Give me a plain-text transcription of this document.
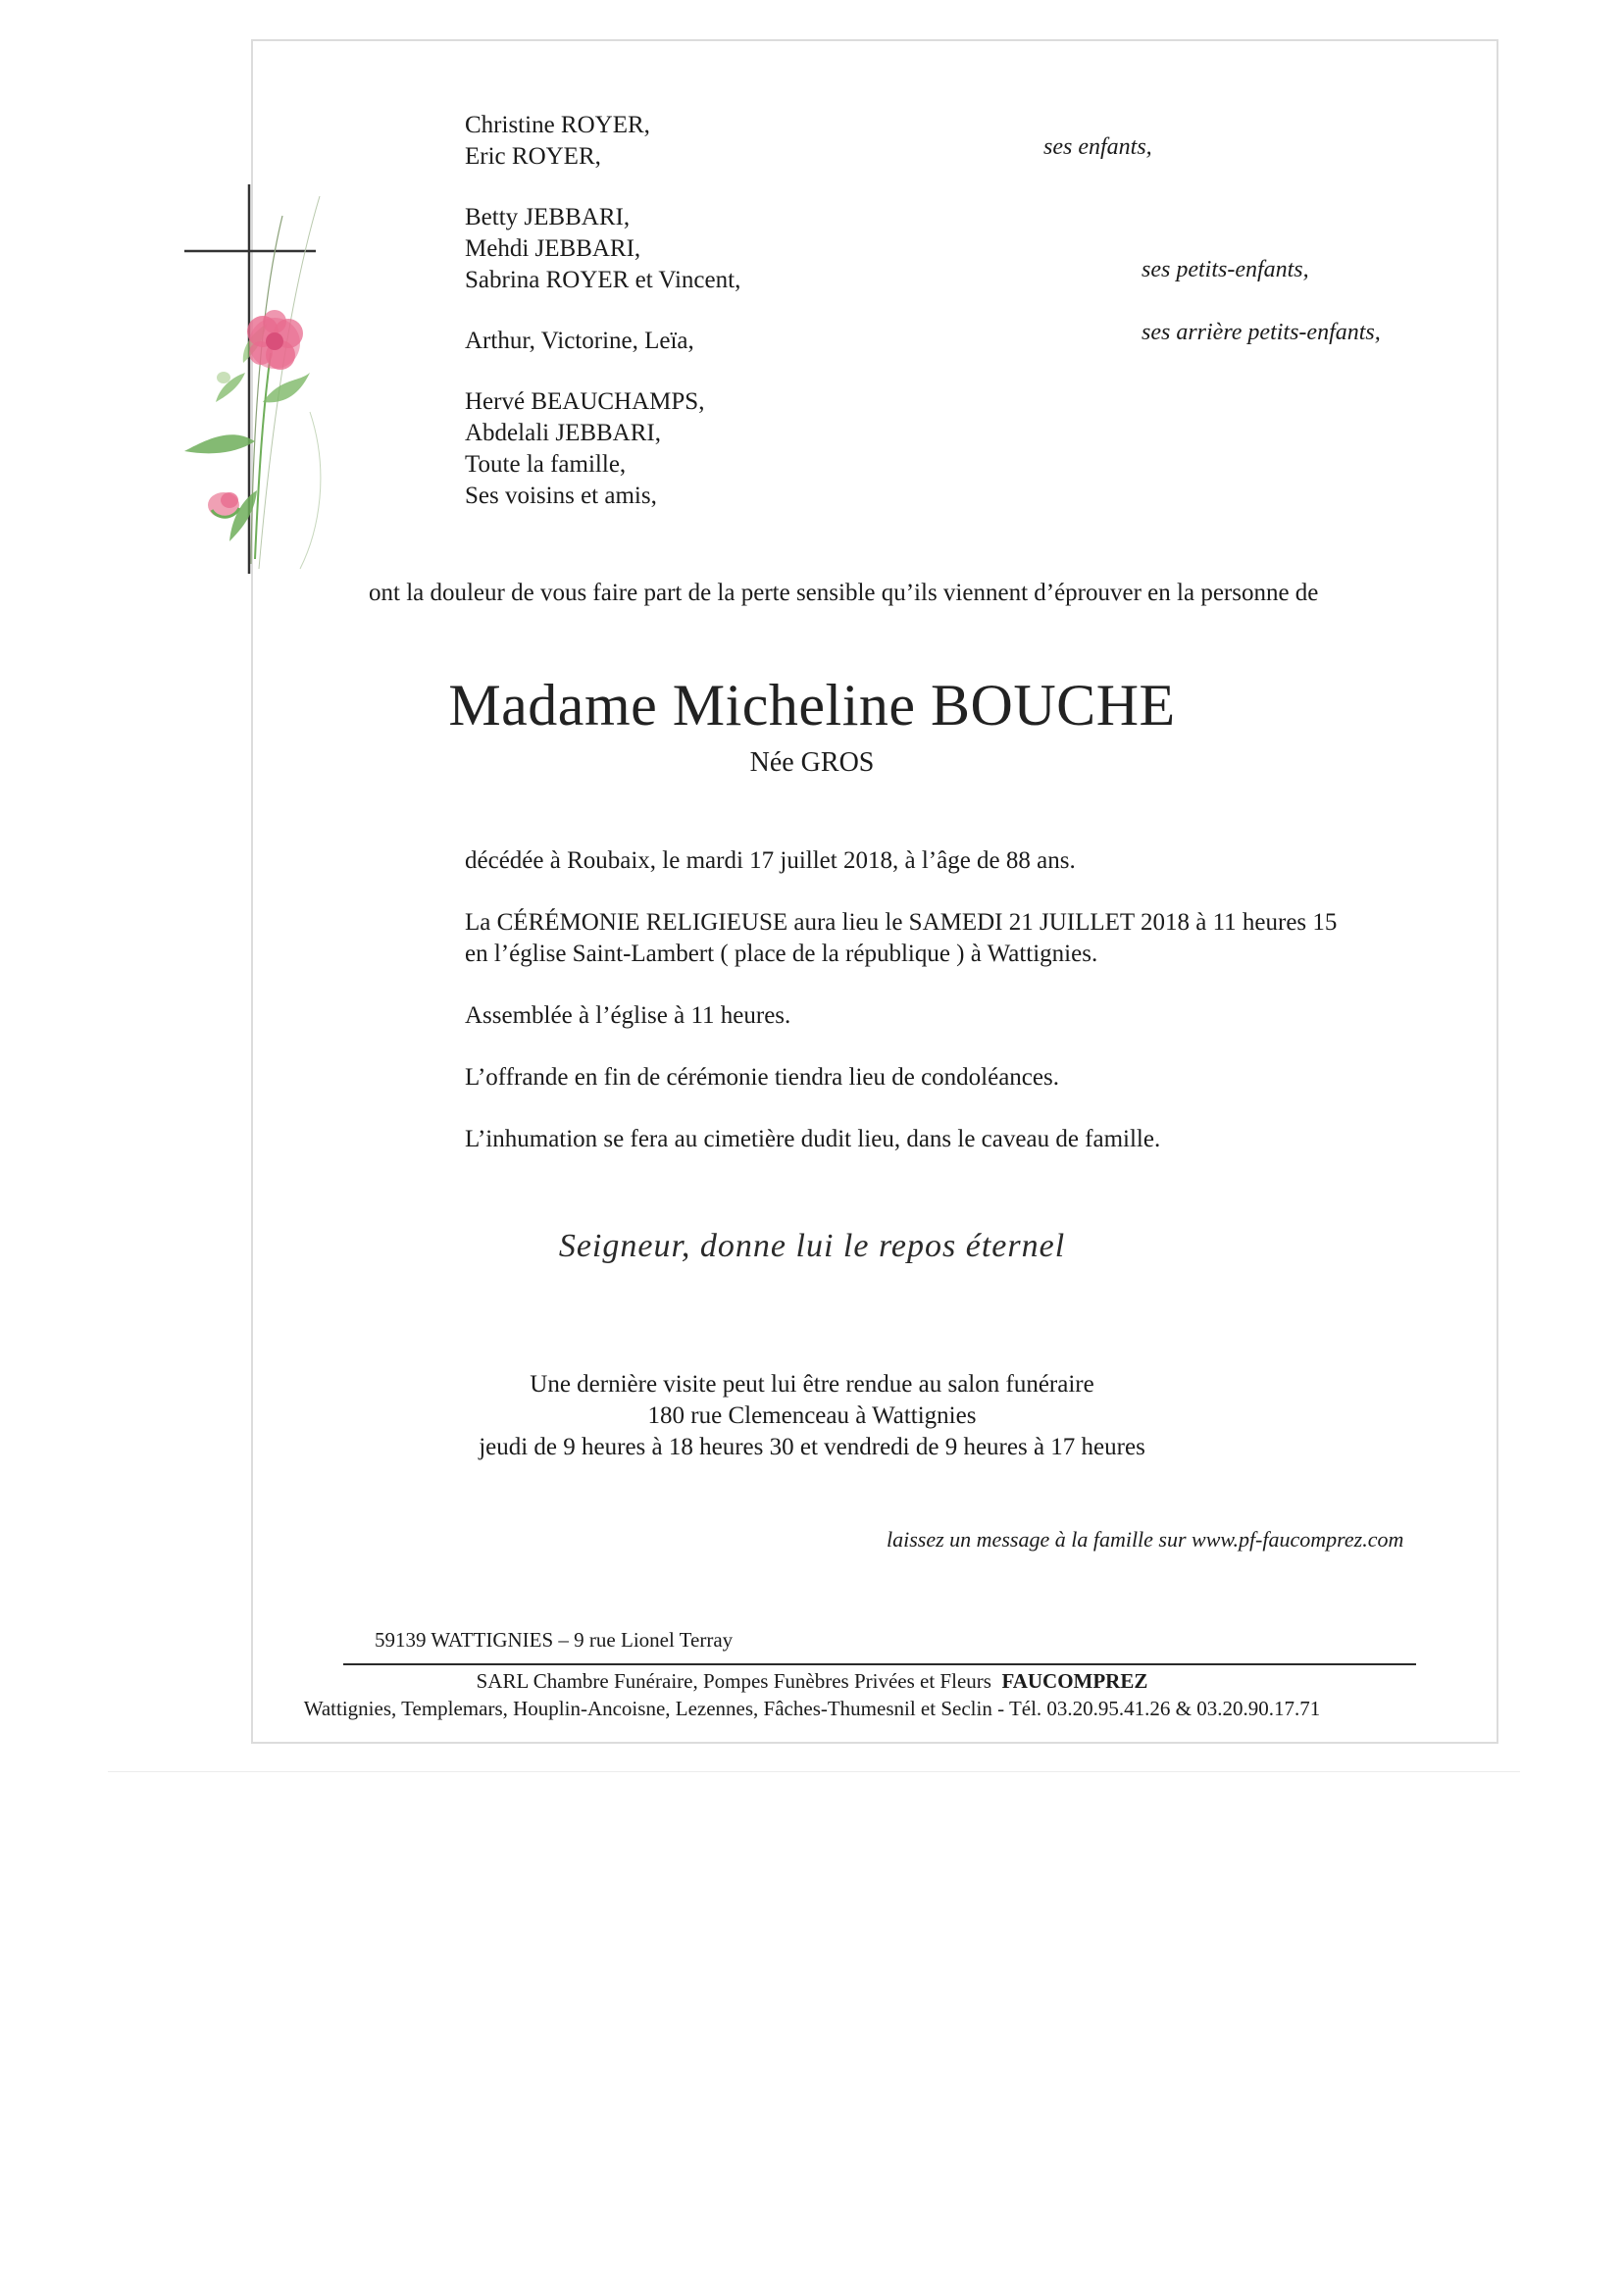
Christine ROYER,
Eric ROYER,
Betty JEBBARI,
Mehdi JEBBARI,
Sabrina ROYER et Vincent,
Arthur, Victorine, Leïa,
Hervé BEAUCHAMPS,
Abdelali JEBBARI,
Toute la famille,
Ses voisins et amis,
ses enfants,
ses petits-enfants,
ses arrière petits-enfants,
ont la douleur de vous faire part de la perte sensible qu’ils viennent d’éprouver en la personne de
Madame Micheline BOUCHE
Née GROS

décédée à Roubaix, le mardi 17 juillet 2018, à l’âge de 88 ans.

La CÉRÉMONIE RELIGIEUSE aura lieu le SAMEDI 21 JUILLET 2018 à 11 heures 15

en l’église Saint-Lambert ( place de la république ) à Wattignies.

Assemblée à l’église à 11 heures.

L’offrande en fin de cérémonie tiendra lieu de condoléances.

L’inhumation se fera au cimetière dudit lieu, dans le caveau de famille.

Seigneur, donne lui le repos éternel
Une dernière visite peut lui être rendue au salon funéraire
180 rue Clemenceau à Wattignies
jeudi de 9 heures à 18 heures 30 et vendredi de 9 heures à 17 heures
laissez un message à la famille sur www.pf-faucomprez.com
59139 WATTIGNIES – 9 rue Lionel Terray
SARL Chambre Funéraire, Pompes Funèbres Privées et Fleurs FAUCOMPREZ
Wattignies, Templemars, Houplin-Ancoisne, Lezennes, Fâches-Thumesnil et Seclin - Tél. 03.20.95.41.26 & 03.20.90.17.71
